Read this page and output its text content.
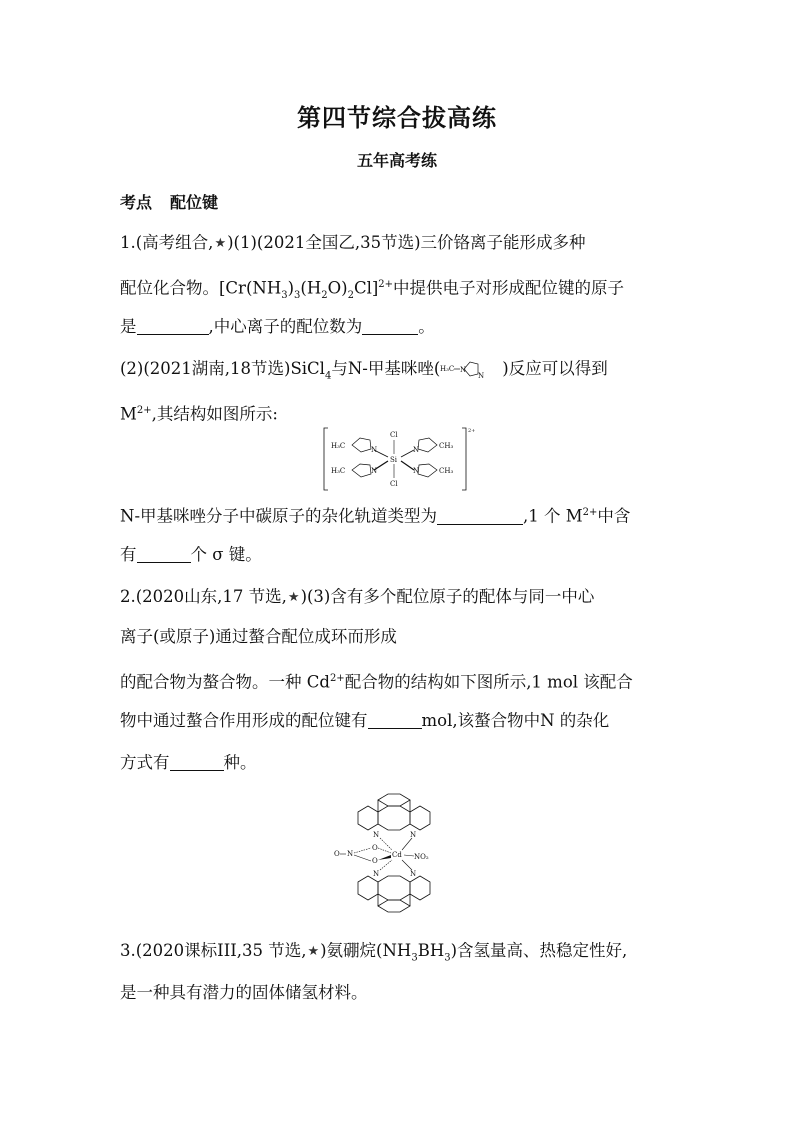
第四节综合拔高练
五年高考练
考点 配位键
1.(高考组合,★)(1)(2021全国乙,35节选)三价铬离子能形成多种
配位化合物。$[Cr(NH_3)_3(H_2O)_2Cl]^{2+}$中提供电子对形成配位键的原子
是	,中心离子的配位数为	。
(2)(2021湖南,18节选)SiCl$_4$与N-甲基咪唑( H₃C N
N )反应可以得到
$M^{2+}$,其结构如图所示:
2+
H₃C
H₃C
Si
Cl
Cl
N
N
N
N
CH₃
CH₃
N-甲基咪唑分子中碳原子的杂化轨道类型为	,1 个 $M^{2+}$中含
有	个 σ 键。
2.(2020山东,17 节选,★)(3)含有多个配位原子的配体与同一中心
离子(或原子)通过螯合配位成环而形成
的配合物为螯合物。一种 $Cd^{2+}$配合物的结构如下图所示,1 mol 该配合
物中通过螯合作用形成的配位键有	mol,该螯合物中N 的杂化
方式有	种。
N	N
Cd NO₂
O N
O
O
N	N
3.(2020课标III,35 节选,★)氨硼烷$(NH_3BH_3)$含氢量高、热稳定性好,
是一种具有潜力的固体储氢材料。
